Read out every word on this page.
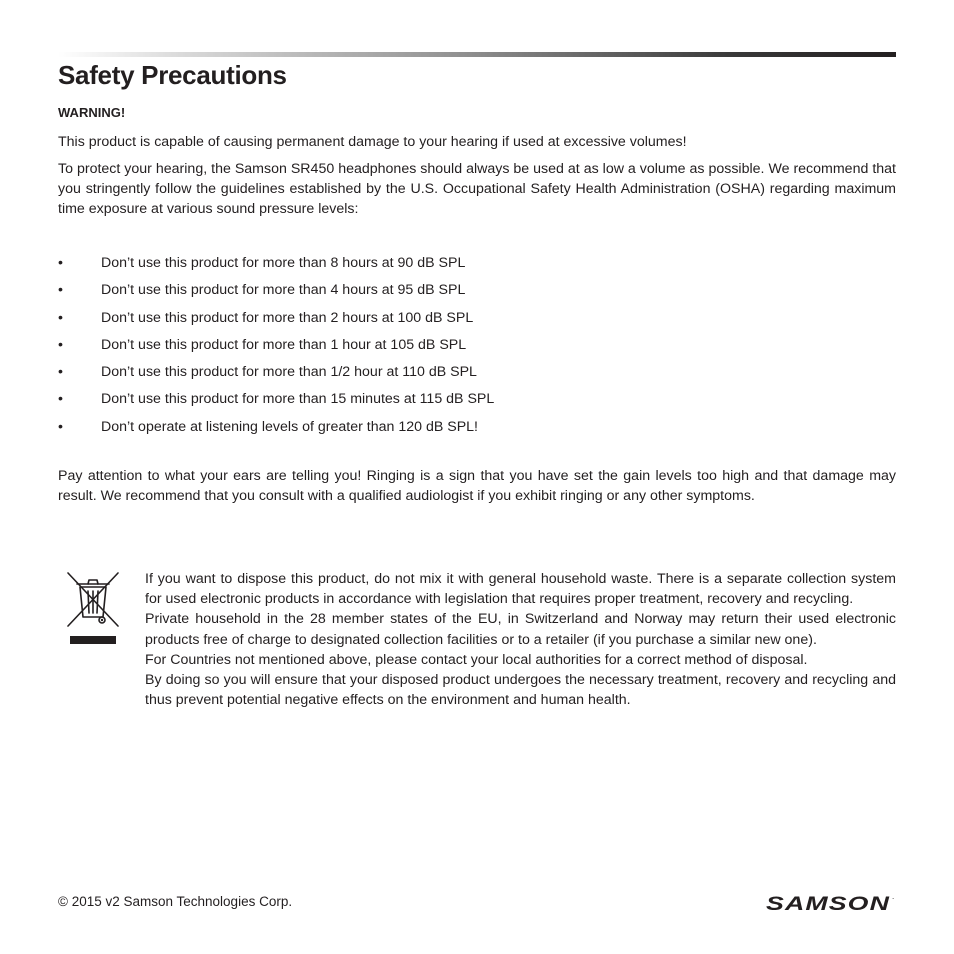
Safety Precautions
WARNING!

This product is capable of causing permanent damage to your hearing if used at excessive volumes!

To protect your hearing, the Samson SR450 headphones should always be used at as low a volume as possible. We recommend that you stringently follow the guidelines established by the U.S. Occupational Safety Health Administration (OSHA) regarding maximum time exposure at various sound pressure levels:

•	Don’t use this product for more than 8 hours at 90 dB SPL
•	Don’t use this product for more than 4 hours at 95 dB SPL
•	Don’t use this product for more than 2 hours at 100 dB SPL
•	Don’t use this product for more than 1 hour at 105 dB SPL
•	Don’t use this product for more than 1/2 hour at 110 dB SPL
•	Don’t use this product for more than 15 minutes at 115 dB SPL
•	Don’t operate at listening levels of greater than 120 dB SPL!

Pay attention to what your ears are telling you! Ringing is a sign that you have set the gain levels too high and that damage may result. We recommend that you consult with a qualified audiologist if you exhibit ringing or any other symptoms.

If you want to dispose this product, do not mix it with general household waste. There is a separate collection system for used electronic products in accordance with legislation that requires proper treatment, recovery and recycling.

Private household in the 28 member states of the EU, in Switzerland and Norway may return their used electronic products free of charge to designated collection facilities or to a retailer (if you purchase a similar new one).

For Countries not mentioned above, please contact your local authorities for a correct method of disposal.

By doing so you will ensure that your disposed product undergoes the necessary treatment, recovery and recycling and thus prevent potential negative effects on the environment and human health.

© 2015 v2 Samson Technologies Corp.	SAMSON .
